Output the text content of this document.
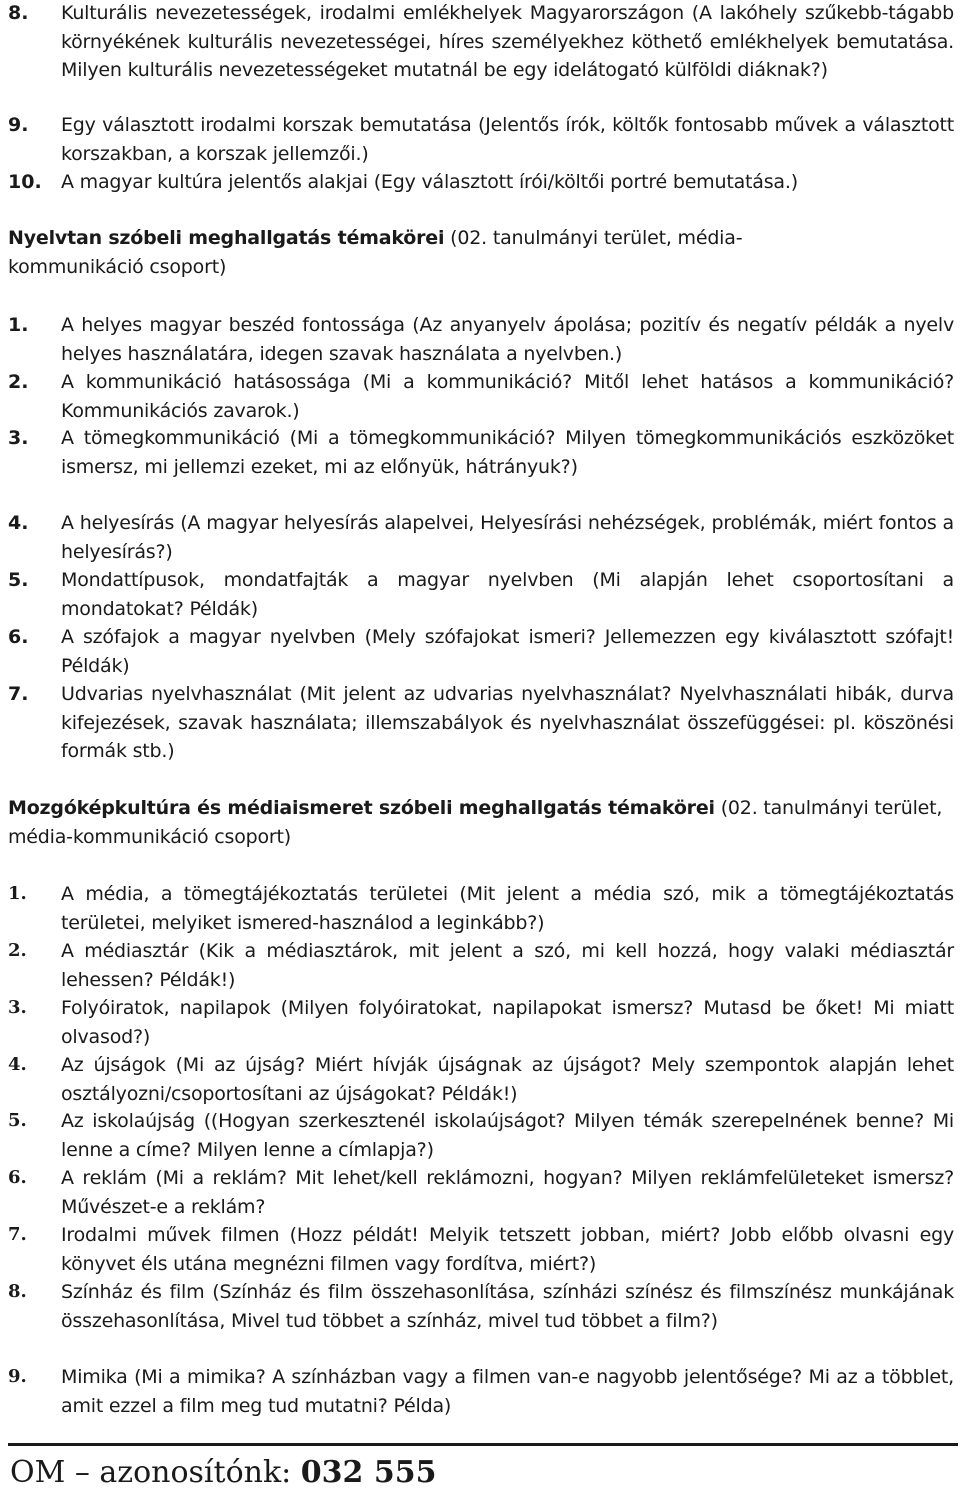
8.	Kulturális nevezetességek, irodalmi emlékhelyek Magyarországon (A lakóhely szűkebb-tágabb környékének kulturális nevezetességei, híres személyekhez köthető emlékhelyek bemutatása. Milyen kulturális nevezetességeket mutatnál be egy idelátogató külföldi diáknak?)
9.	Egy választott irodalmi korszak bemutatása (Jelentős írók, költők fontosabb művek a választott korszakban, a korszak jellemzői.)
10.	A magyar kultúra jelentős alakjai (Egy választott írói/költői portré bemutatása.)
Nyelvtan szóbeli meghallgatás témakörei (02. tanulmányi terület, média-kommunikáció csoport)
1.	A helyes magyar beszéd fontossága (Az anyanyelv ápolása; pozitív és negatív példák a nyelv helyes használatára, idegen szavak használata a nyelvben.)
2.	A kommunikáció hatásossága (Mi a kommunikáció? Mitől lehet hatásos a kommunikáció? Kommunikációs zavarok.)
3.	A tömegkommunikáció (Mi a tömegkommunikáció? Milyen tömegkommunikációs eszközöket ismersz, mi jellemzi ezeket, mi az előnyük, hátrányuk?)
4.	A helyesírás (A magyar helyesírás alapelvei, Helyesírási nehézségek, problémák, miért fontos a helyesírás?)
5.	Mondattípusok, mondatfajták a magyar nyelvben (Mi alapján lehet csoportosítani a mondatokat? Példák)
6.	A szófajok a magyar nyelvben (Mely szófajokat ismeri? Jellemezzen egy kiválasztott szófajt! Példák)
7.	Udvarias nyelvhasználat (Mit jelent az udvarias nyelvhasználat? Nyelvhasználati hibák, durva kifejezések, szavak használata; illemszabályok és nyelvhasználat összefüggései: pl. köszönési formák stb.)
Mozgóképkultúra és médiaismeret szóbeli meghallgatás témakörei (02. tanulmányi terület, média-kommunikáció csoport)
1.	A média, a tömegtájékoztatás területei (Mit jelent a média szó, mik a tömegtájékoztatás területei, melyiket ismered-használod a leginkább?)
2.	A médiasztár (Kik a médiasztárok, mit jelent a szó, mi kell hozzá, hogy valaki médiasztár lehessen? Példák!)
3.	Folyóiratok, napilapok (Milyen folyóiratokat, napilapokat ismersz? Mutasd be őket! Mi miatt olvasod?)
4.	Az újságok (Mi az újság? Miért hívják újságnak az újságot? Mely szempontok alapján lehet osztályozni/csoportosítani az újságokat? Példák!)
5.	Az iskolaújság ((Hogyan szerkesztenél iskolaújságot? Milyen témák szerepelnének benne? Mi lenne a címe? Milyen lenne a címlapja?)
6.	A reklám (Mi a reklám? Mit lehet/kell reklámozni, hogyan? Milyen reklámfelületeket ismersz? Művészet-e a reklám?
7.	Irodalmi művek filmen (Hozz példát! Melyik tetszett jobban, miért? Jobb előbb olvasni egy könyvet éls utána megnézni filmen vagy fordítva, miért?)
8.	Színház és film (Színház és film összehasonlítása, színházi színész és filmszínész munkájának összehasonlítása, Mivel tud többet a színház, mivel tud többet a film?)
9.	Mimika (Mi a mimika? A színházban vagy a filmen van-e nagyobb jelentősége? Mi az a többlet, amit ezzel a film meg tud mutatni? Példa)
OM – azonosítónk: 032 555
